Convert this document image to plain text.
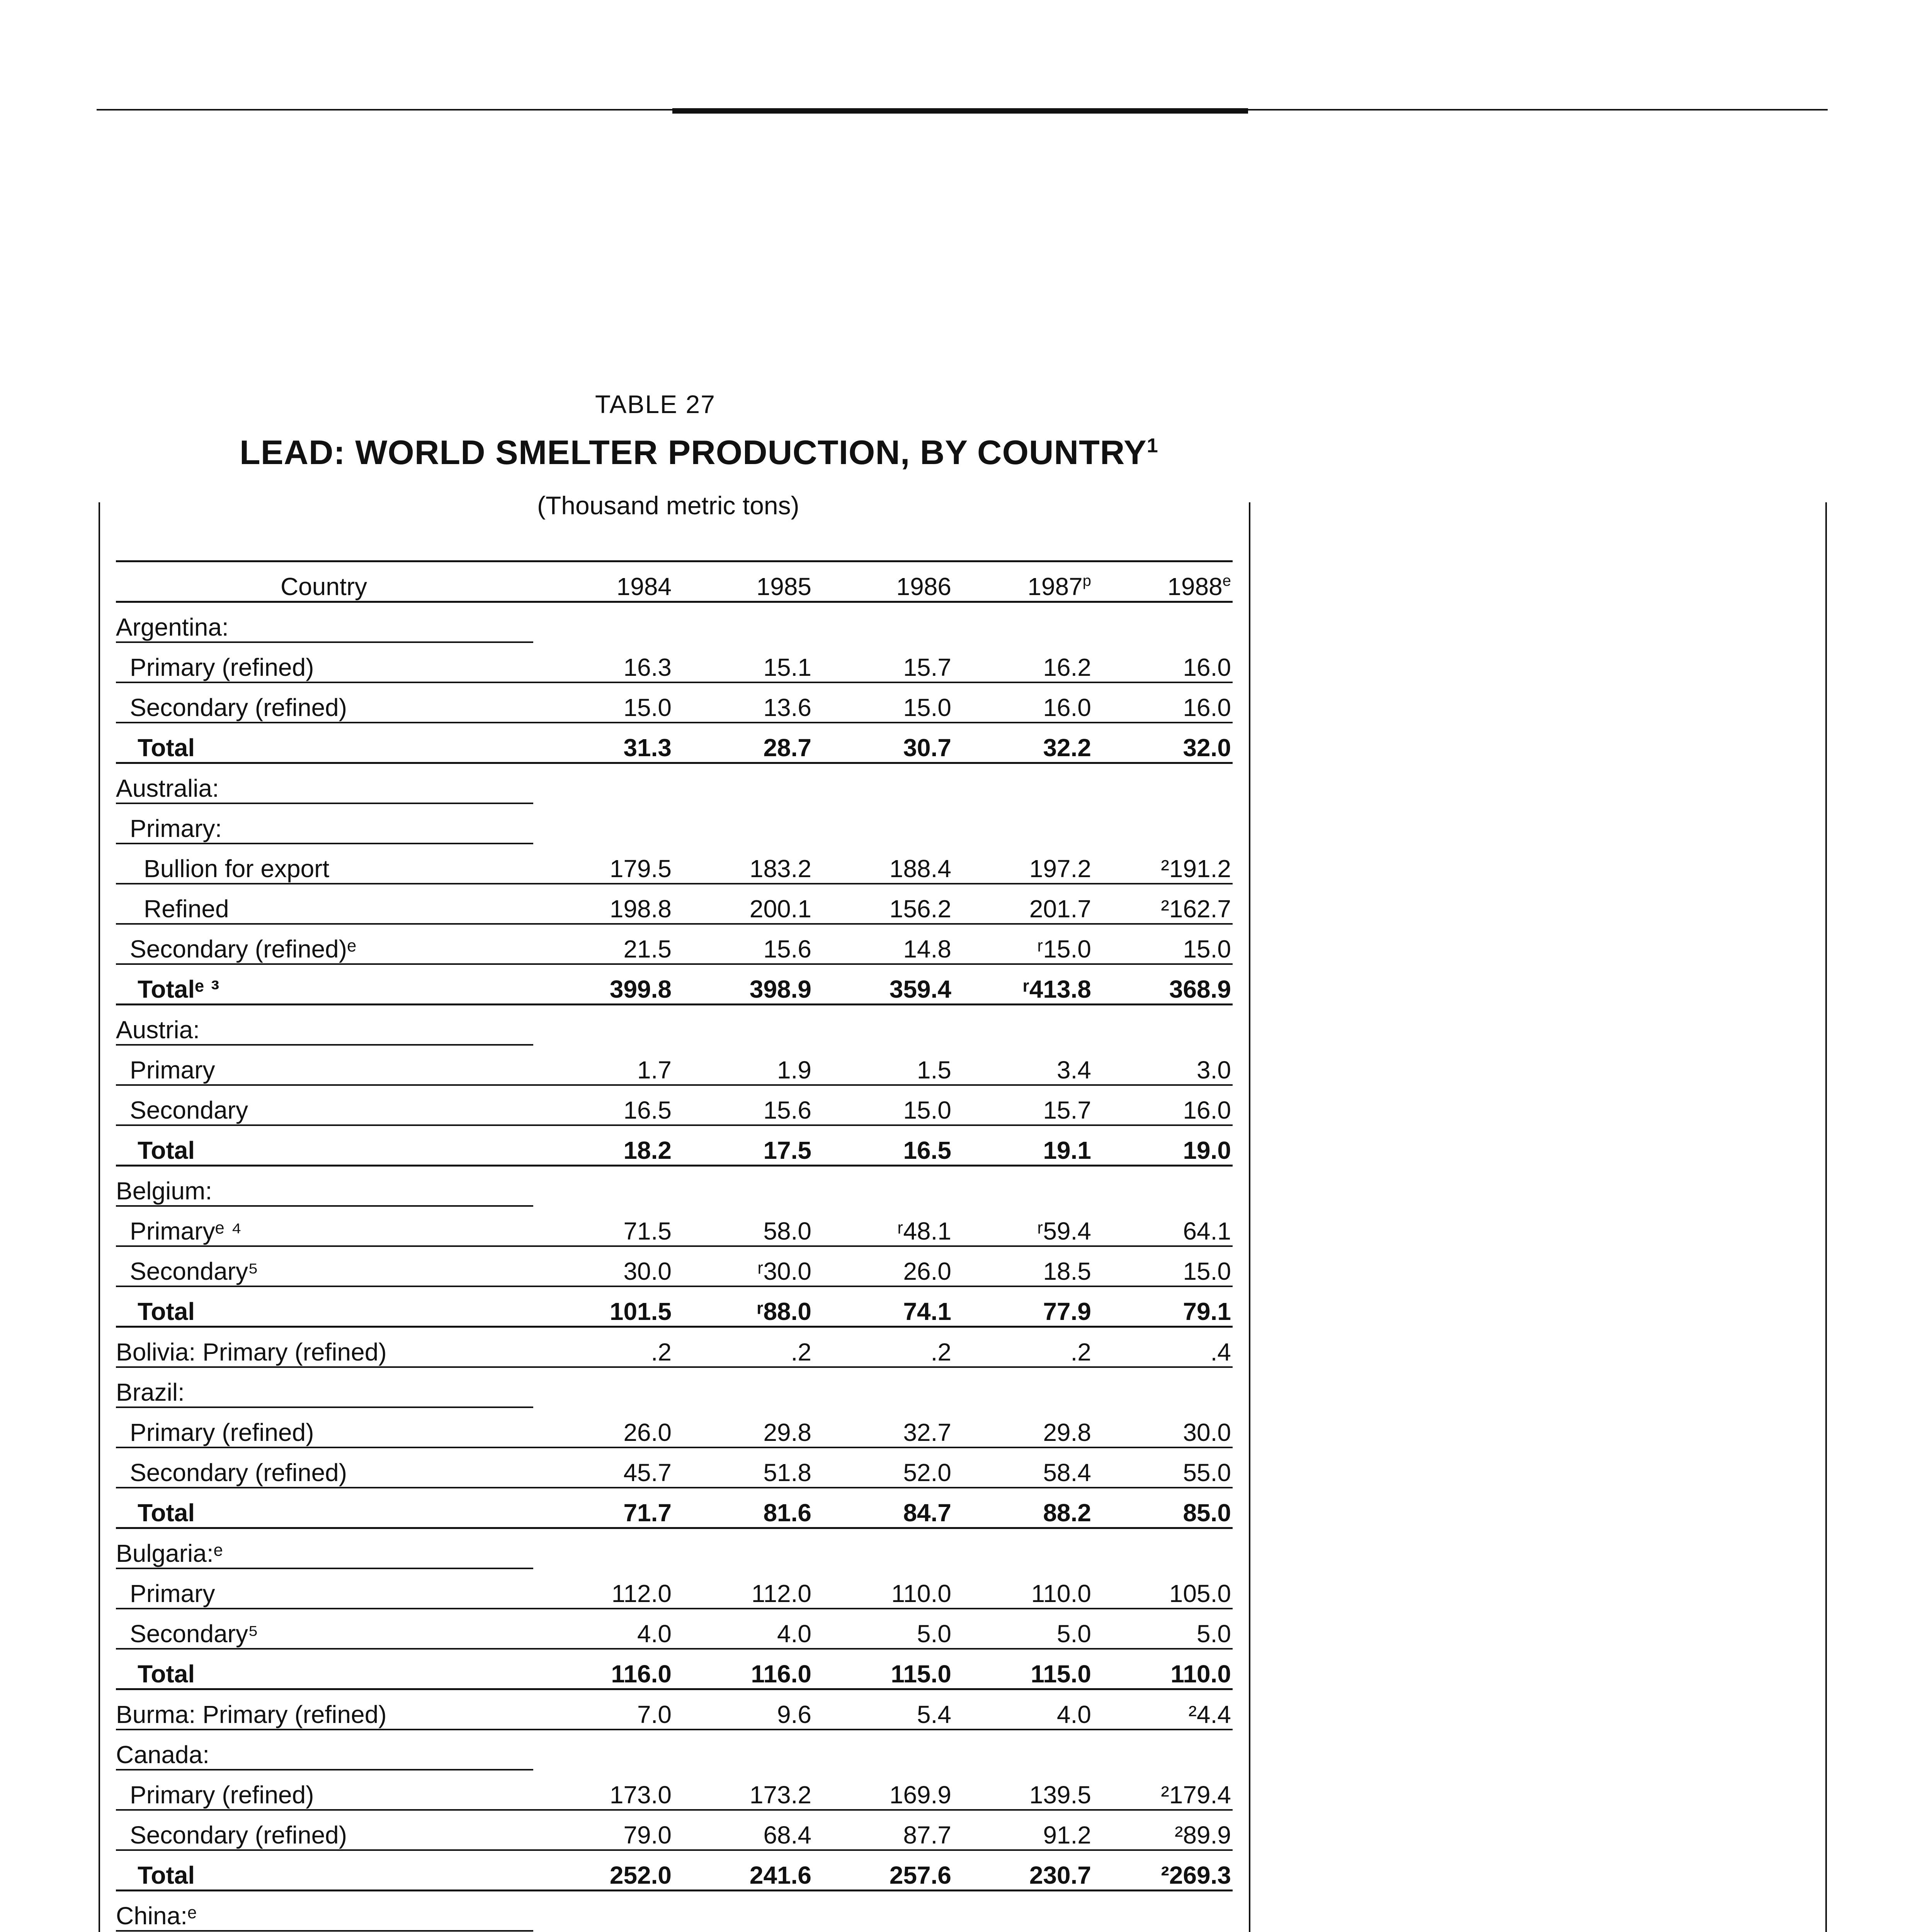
TABLE 27
LEAD: WORLD SMELTER PRODUCTION, BY COUNTRY$^1$
(Thousand metric tons)
Country	1984	1985	1986	1987$^p$	1988e
Argentina:					
Primary (refined)	16.3	15.1	15.7	16.2	16.0
Secondary (refined)	15.0	13.6	15.0	16.0	16.0
Total	31.3	28.7	30.7	32.2	32.0
Australia:					
Primary:					
Bullion for export	179.5	183.2	188.4	197.2	²191.2
Refined	198.8	200.1	156.2	201.7	²162.7
Secondary (refined)ᵉ	21.5	15.6	14.8	ʳ15.0	15.0
Totalᵉ ³	399.8	398.9	359.4	ʳ413.8	368.9
Austria:					
Primary	1.7	1.9	1.5	3.4	3.0
Secondary	16.5	15.6	15.0	15.7	16.0
Total	18.2	17.5	16.5	19.1	19.0
Belgium:					
Primaryᵉ ⁴	71.5	58.0	ʳ48.1	ʳ59.4	64.1
Secondary⁵	30.0	ʳ30.0	26.0	18.5	15.0
Total	101.5	ʳ88.0	74.1	77.9	79.1
Bolivia: Primary (refined)	.2	.2	.2	.2	.4
Brazil:					
Primary (refined)	26.0	29.8	32.7	29.8	30.0
Secondary (refined)	45.7	51.8	52.0	58.4	55.0
Total	71.7	81.6	84.7	88.2	85.0
Bulgaria:ᵉ					
Primary	112.0	112.0	110.0	110.0	105.0
Secondary⁵	4.0	4.0	5.0	5.0	5.0
Total	116.0	116.0	115.0	115.0	110.0
Burma: Primary (refined)	7.0	9.6	5.4	4.0	²4.4
Canada:					
Primary (refined)	173.0	173.2	169.9	139.5	²179.4
Secondary (refined)	79.0	68.4	87.7	91.2	²89.9
Total	252.0	241.6	257.6	230.7	²269.3
China:ᵉ					
